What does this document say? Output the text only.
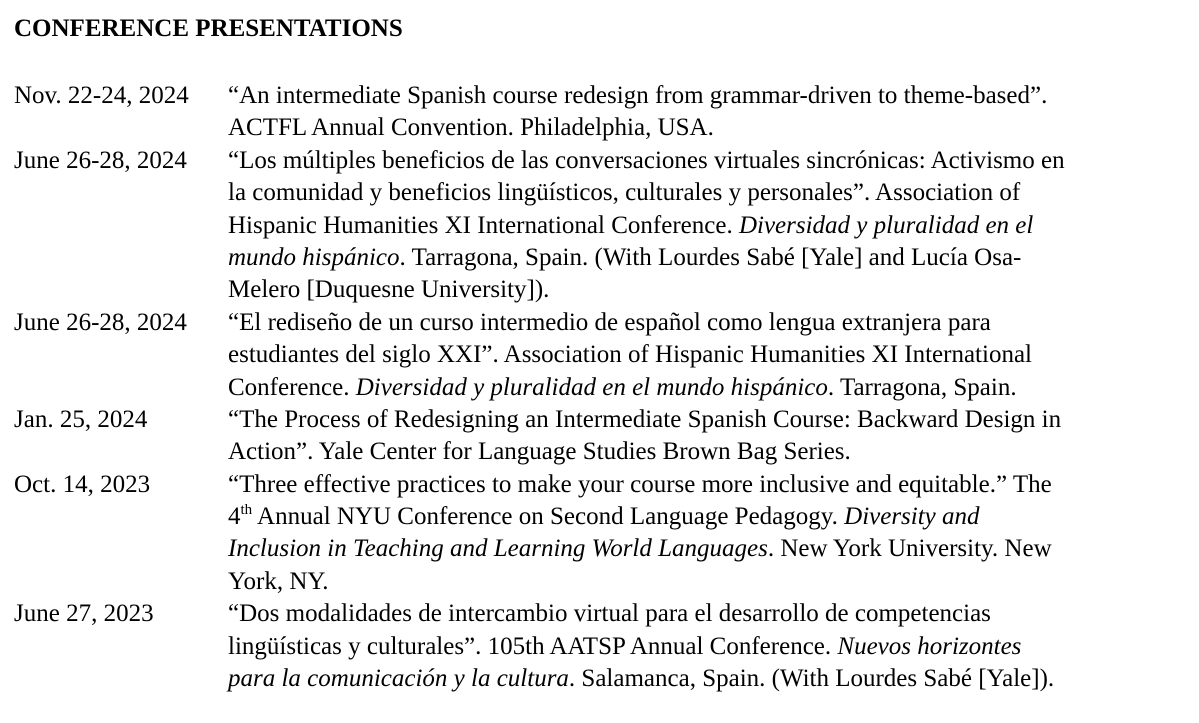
CONFERENCE PRESENTATIONS
Nov. 22-24, 2024 “An intermediate Spanish course redesign from grammar-driven to theme-based”.
ACTFL Annual Convention. Philadelphia, USA.
June 26-28, 2024 “Los múltiples beneficios de las conversaciones virtuales sincrónicas: Activismo en
la comunidad y beneficios lingüísticos, culturales y personales”. Association of
Hispanic Humanities XI International Conference. Diversidad y pluralidad en el
mundo hispánico. Tarragona, Spain. (With Lourdes Sabé [Yale] and Lucía Osa-
Melero [Duquesne University]).
June 26-28, 2024 “El rediseño de un curso intermedio de español como lengua extranjera para
estudiantes del siglo XXI”. Association of Hispanic Humanities XI International
Conference. Diversidad y pluralidad en el mundo hispánico. Tarragona, Spain.
Jan. 25, 2024	“The Process of Redesigning an Intermediate Spanish Course: Backward Design in
Action”. Yale Center for Language Studies Brown Bag Series.
Oct. 14, 2023	“Three effective practices to make your course more inclusive and equitable.” The
4th Annual NYU Conference on Second Language Pedagogy. Diversity and
Inclusion in Teaching and Learning World Languages. New York University. New
York, NY.
June 27, 2023	“Dos modalidades de intercambio virtual para el desarrollo de competencias
lingüísticas y culturales”. 105th AATSP Annual Conference. Nuevos horizontes
para la comunicación y la cultura. Salamanca, Spain. (With Lourdes Sabé [Yale]).
